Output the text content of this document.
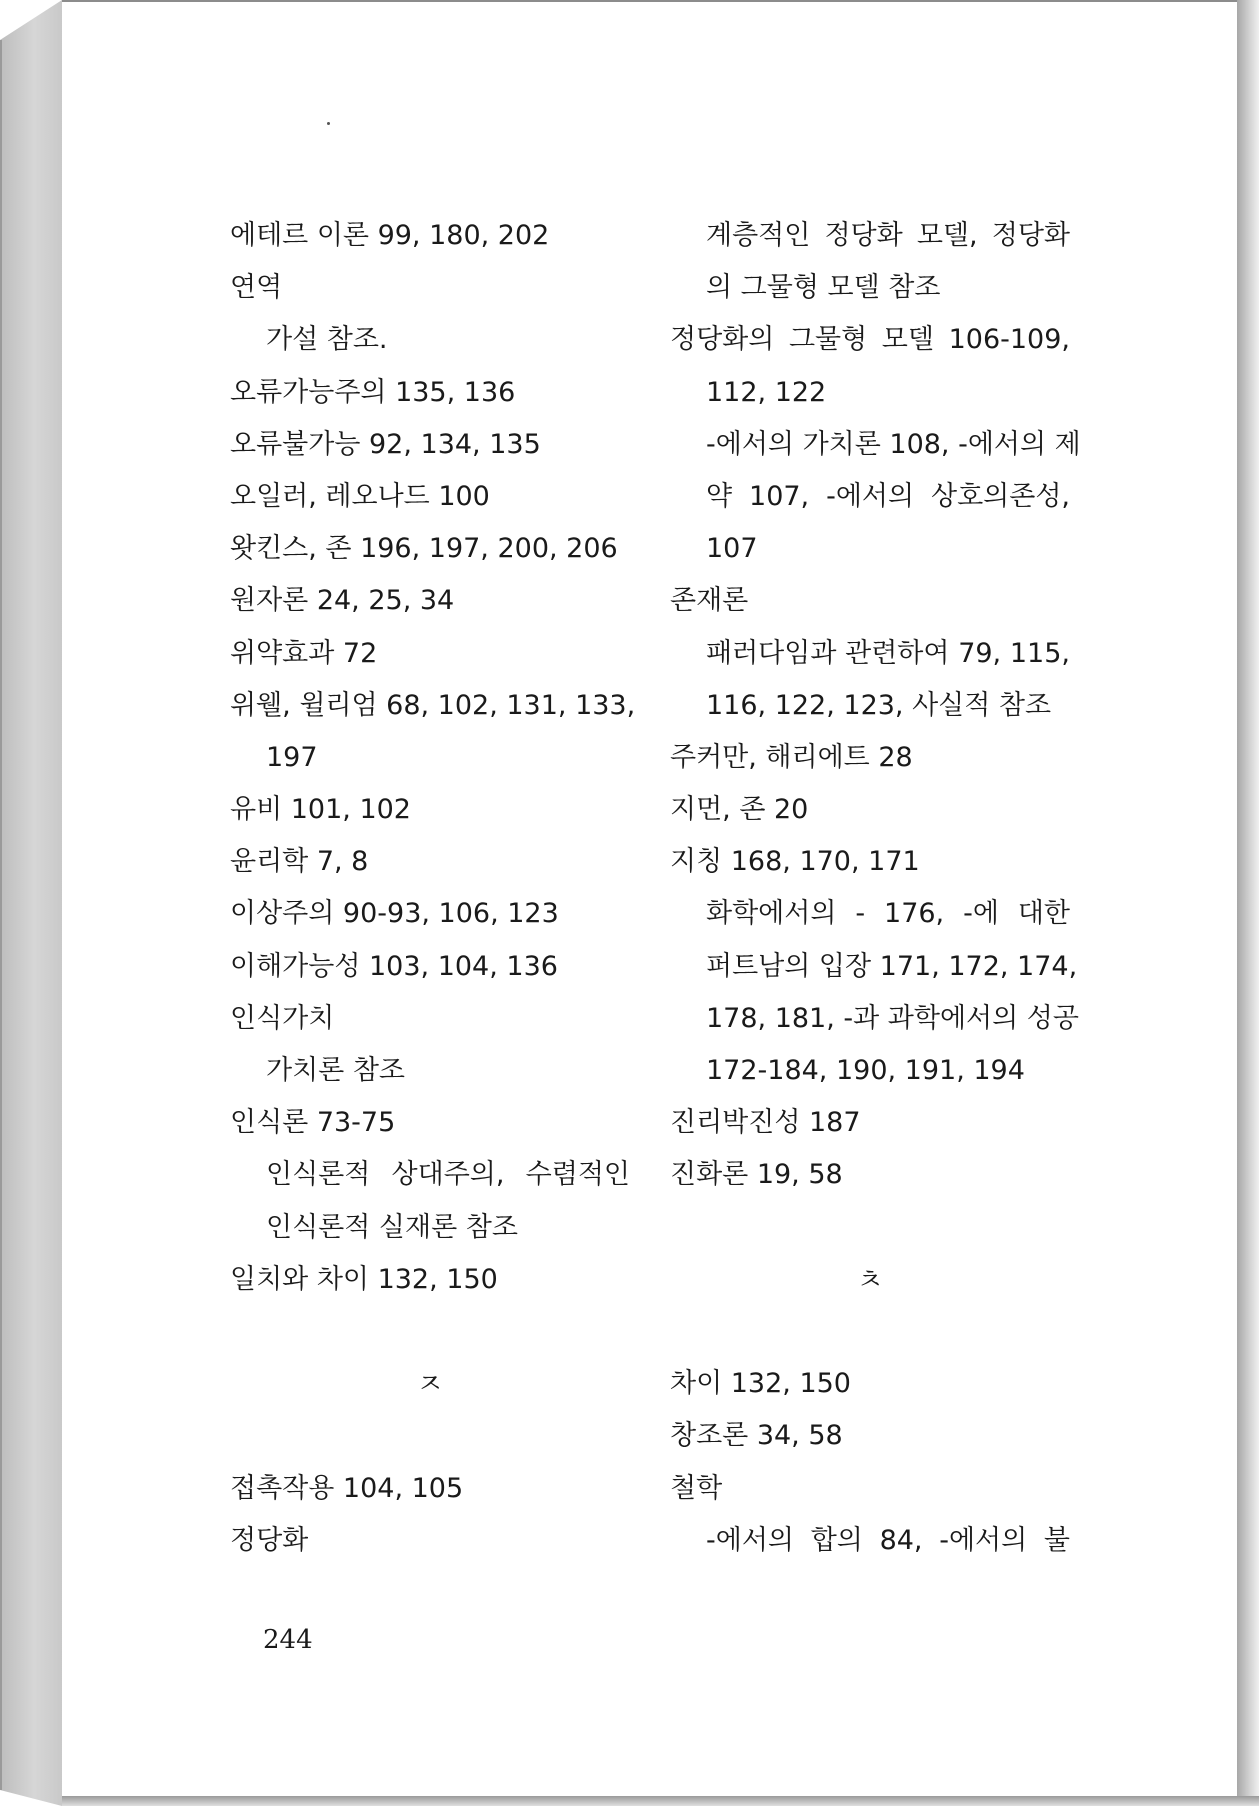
에테르 이론 99, 180, 202
연역
가설 참조.
오류가능주의 135, 136
오류불가능 92, 134, 135
오일러, 레오나드 100
왓킨스, 존 196, 197, 200, 206
원자론 24, 25, 34
위약효과 72
위웰, 윌리엄 68, 102, 131, 133,
197
유비 101, 102
윤리학 7, 8
이상주의 90-93, 106, 123
이해가능성 103, 104, 136
인식가치
가치론 참조
인식론 73-75
인식론적 상대주의, 수렴적인
인식론적 실재론 참조
일치와 차이 132, 150
ㅈ
접촉작용 104, 105
정당화
계층적인 정당화 모델, 정당화
의 그물형 모델 참조
정당화의 그물형 모델 106-109,
112, 122
-에서의 가치론 108, -에서의 제
약 107, -에서의 상호의존성,
107
존재론
패러다임과 관련하여 79, 115,
116, 122, 123, 사실적 참조
주커만, 해리에트 28
지먼, 존 20
지칭 168, 170, 171
화학에서의 - 176, -에 대한
퍼트남의 입장 171, 172, 174,
178, 181, -과 과학에서의 성공
172-184, 190, 191, 194
진리박진성 187
진화론 19, 58
ㅊ
차이 132, 150
창조론 34, 58
철학
-에서의 합의 84, -에서의 불
244
